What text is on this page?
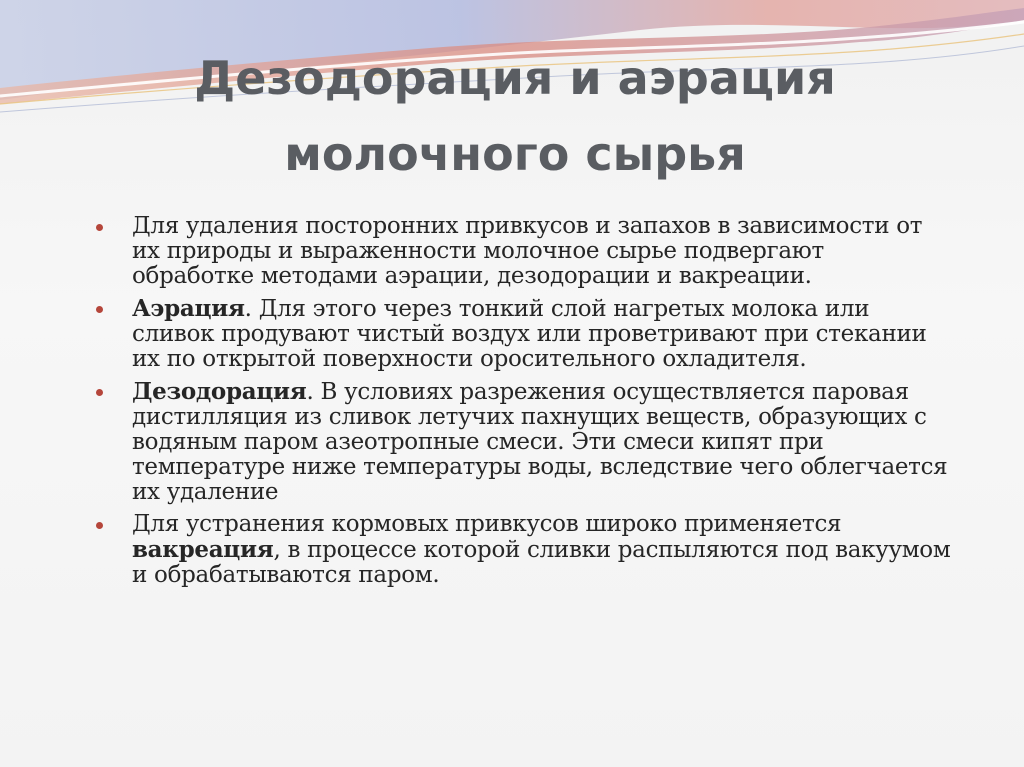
Дезодорация и аэрация
молочного сырья
Для удаления посторонних привкусов и запахов в зависимости от их природы и выраженности молочное сырье подвергают обработке методами аэрации, дезодорации и вакреации.
Аэрация. Для этого через тонкий слой нагретых молока или сливок продувают чистый воздух или проветривают при стекании их по открытой поверхности оросительного охладителя.
Дезодорация. В условиях разрежения осуществляется паровая дистилляция из сливок летучих пахнущих веществ, образующих с водяным паром азеотропные смеси. Эти смеси кипят при температуре ниже температуры воды, вследствие чего облегчается их удаление
Для устранения кормовых привкусов широко применяется вакреация, в процессе которой сливки распыляются под вакуумом и обрабатываются паром.
